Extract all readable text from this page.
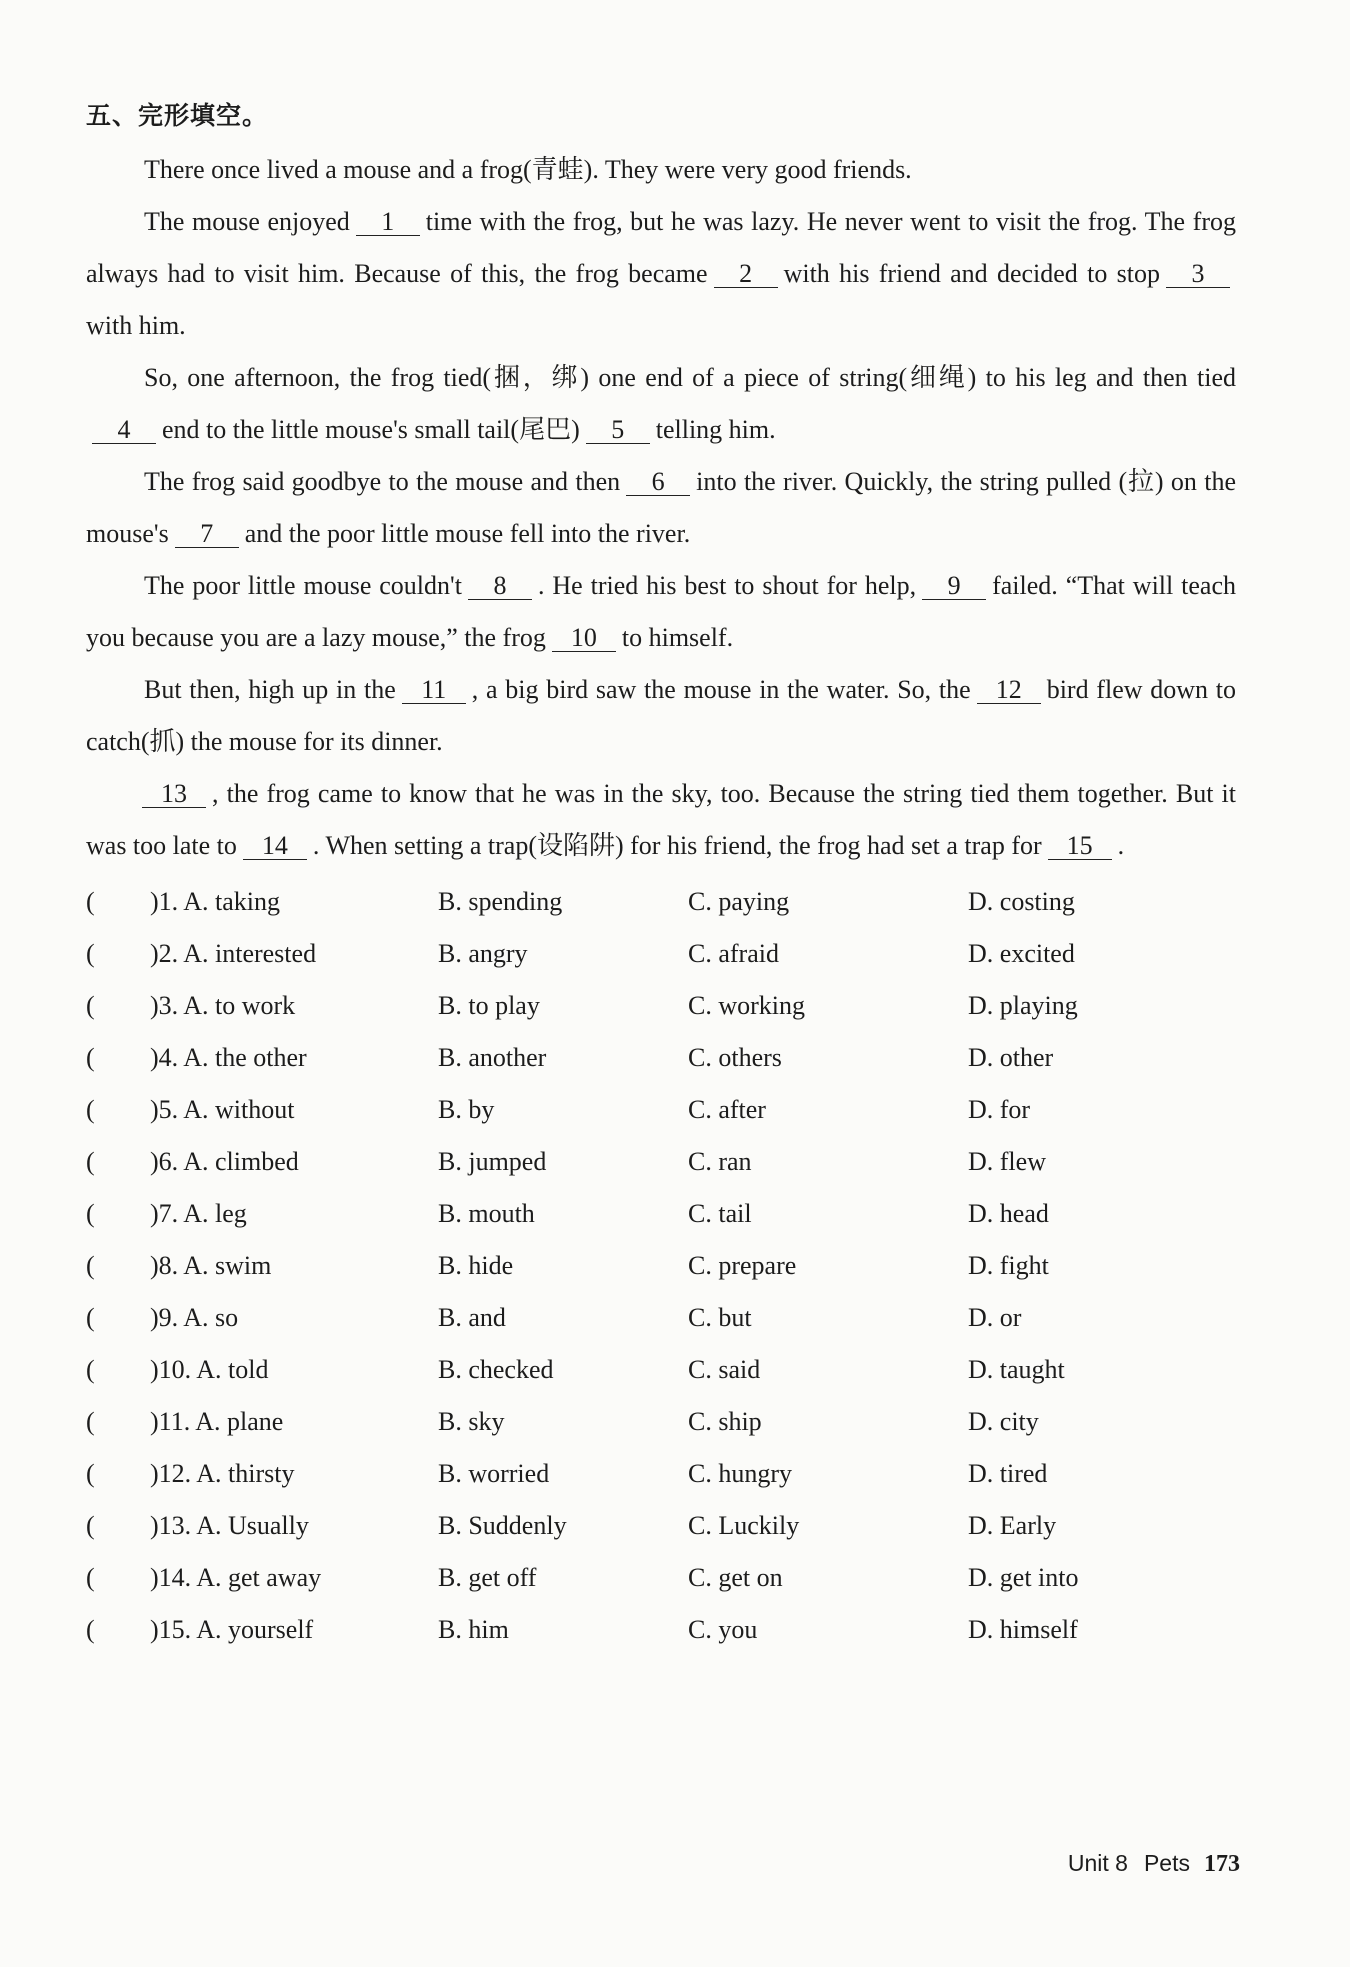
五、完形填空。

There once lived a mouse and a frog(青蛙). They were very good friends.

The mouse enjoyed 1 time with the frog, but he was lazy. He never went to visit the frog. The frog always had to visit him. Because of this, the frog became 2 with his friend and decided to stop 3with him.

So, one afternoon, the frog tied(捆，绑) one end of a piece of string(细绳) to his leg and then tied4 end to the little mouse's small tail(尾巴) 5 telling him.

The frog said goodbye to the mouse and then 6 into the river. Quickly, the string pulled (拉) on the mouse's 7 and the poor little mouse fell into the river.

The poor little mouse couldn't 8 . He tried his best to shout for help, 9 failed. “That will teach you because you are a lazy mouse,” the frog 10 to himself.

But then, high up in the 11 , a big bird saw the mouse in the water. So, the 12 bird flew down to catch(抓) the mouse for its dinner.

13 , the frog came to know that he was in the sky, too. Because the string tied them together. But it was too late to 14 . When setting a trap(设陷阱) for his friend, the frog had set a trap for 15 .

(	)1. A. taking	B. spending	C. paying	D. costing
(	)2. A. interested	B. angry	C. afraid	D. excited
(	)3. A. to work	B. to play	C. working	D. playing
(	)4. A. the other	B. another	C. others	D. other
(	)5. A. without	B. by	C. after	D. for
(	)6. A. climbed	B. jumped	C. ran	D. flew
(	)7. A. leg	B. mouth	C. tail	D. head
(	)8. A. swim	B. hide	C. prepare	D. fight
(	)9. A. so	B. and	C. but	D. or
(	)10. A. told	B. checked	C. said	D. taught
(	)11. A. plane	B. sky	C. ship	D. city
(	)12. A. thirsty	B. worried	C. hungry	D. tired
(	)13. A. Usually	B. Suddenly	C. Luckily	D. Early
(	)14. A. get away	B. get off	C. get on	D. get into
(	)15. A. yourself	B. him	C. you	D. himself
Unit 8 Pets 173
